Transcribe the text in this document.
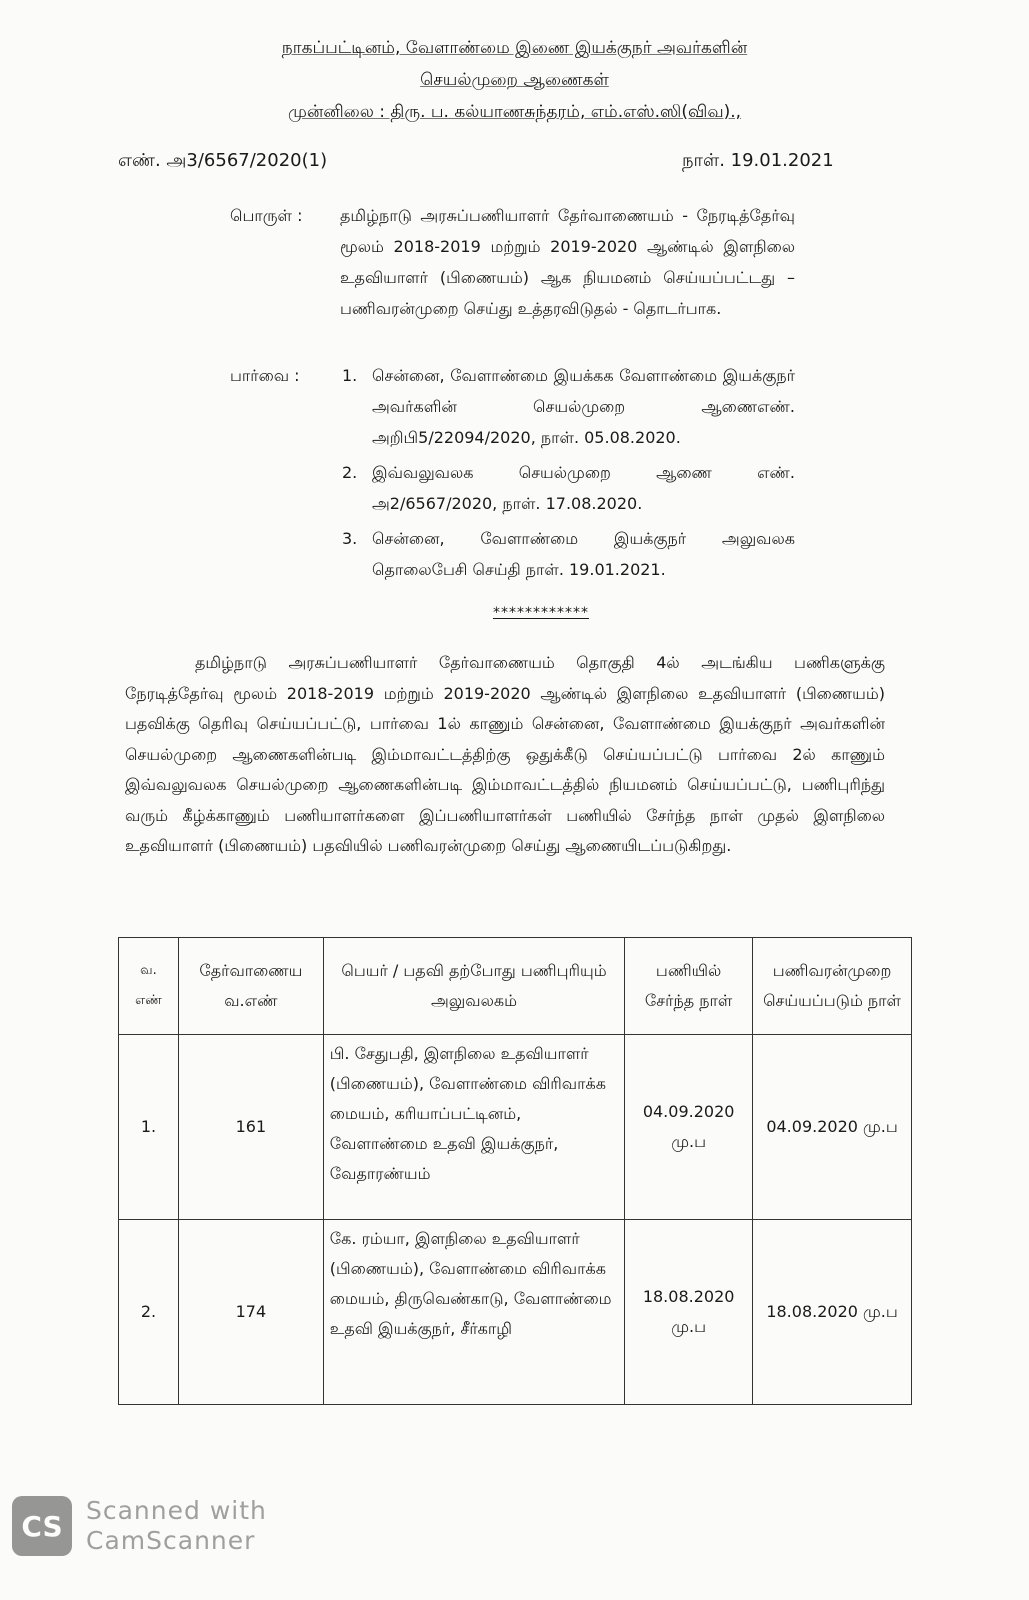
நாகப்பட்டினம், வேளாண்மை இணை இயக்குநர் அவர்களின்
செயல்முறை ஆணைகள்
முன்னிலை : திரு. ப. கல்யாணசுந்தரம், எம்.எஸ்.ஸி(விவ).,
எண். அ3/6567/2020(1)	நாள். 19.01.2021
பொருள் : தமிழ்நாடு அரசுப்பணியாளர் தேர்வாணையம் - நேரடித்தேர்வு மூலம் 2018-2019 மற்றும் 2019-2020 ஆண்டில் இளநிலை உதவியாளர் (பிணையம்) ஆக நியமனம் செய்யப்பட்டது – பணிவரன்முறை செய்து உத்தரவிடுதல் - தொடர்பாக.
பார்வை :	1. சென்னை, வேளாண்மை இயக்கக வேளாண்மை இயக்குநர் அவர்களின் செயல்முறை ஆணைஎண். அறிபி5/22094/2020, நாள். 05.08.2020.
2. இவ்வலுவலக செயல்முறை ஆணை எண். அ2/6567/2020, நாள். 17.08.2020.
3. சென்னை, வேளாண்மை இயக்குநர் அலுவலக தொலைபேசி செய்தி நாள். 19.01.2021.
************
தமிழ்நாடு அரசுப்பணியாளர் தேர்வாணையம் தொகுதி 4ல் அடங்கிய பணிகளுக்கு நேரடித்தேர்வு மூலம் 2018-2019 மற்றும் 2019-2020 ஆண்டில் இளநிலை உதவியாளர் (பிணையம்) பதவிக்கு தெரிவு செய்யப்பட்டு, பார்வை 1ல் காணும் சென்னை, வேளாண்மை இயக்குநர் அவர்களின் செயல்முறை ஆணைகளின்படி இம்மாவட்டத்திற்கு ஒதுக்கீடு செய்யப்பட்டு பார்வை 2ல் காணும் இவ்வலுவலக செயல்முறை ஆணைகளின்படி இம்மாவட்டத்தில் நியமனம் செய்யப்பட்டு, பணிபுரிந்து வரும் கீழ்க்காணும் பணியாளர்களை இப்பணியாளர்கள் பணியில் சேர்ந்த நாள் முதல் இளநிலை உதவியாளர் (பிணையம்) பதவியில் பணிவரன்முறை செய்து ஆணையிடப்படுகிறது.
வ. எண்	தேர்வாணைய வ.எண்	பெயர் / பதவி தற்போது பணிபுரியும் அலுவலகம்	பணியில் சேர்ந்த நாள்	பணிவரன்முறை செய்யப்படும் நாள்
1.	161	பி. சேதுபதி, இளநிலை உதவியாளர் (பிணையம்), வேளாண்மை விரிவாக்க மையம், கரியாப்பட்டினம், வேளாண்மை உதவி இயக்குநர், வேதாரண்யம்	04.09.2020 மு.ப	04.09.2020 மு.ப
2.	174	கே. ரம்யா, இளநிலை உதவியாளர் (பிணையம்), வேளாண்மை விரிவாக்க மையம், திருவெண்காடு, வேளாண்மை உதவி இயக்குநர், சீர்காழி	18.08.2020 மு.ப	18.08.2020 மு.ப
CS Scanned with
CamScanner
